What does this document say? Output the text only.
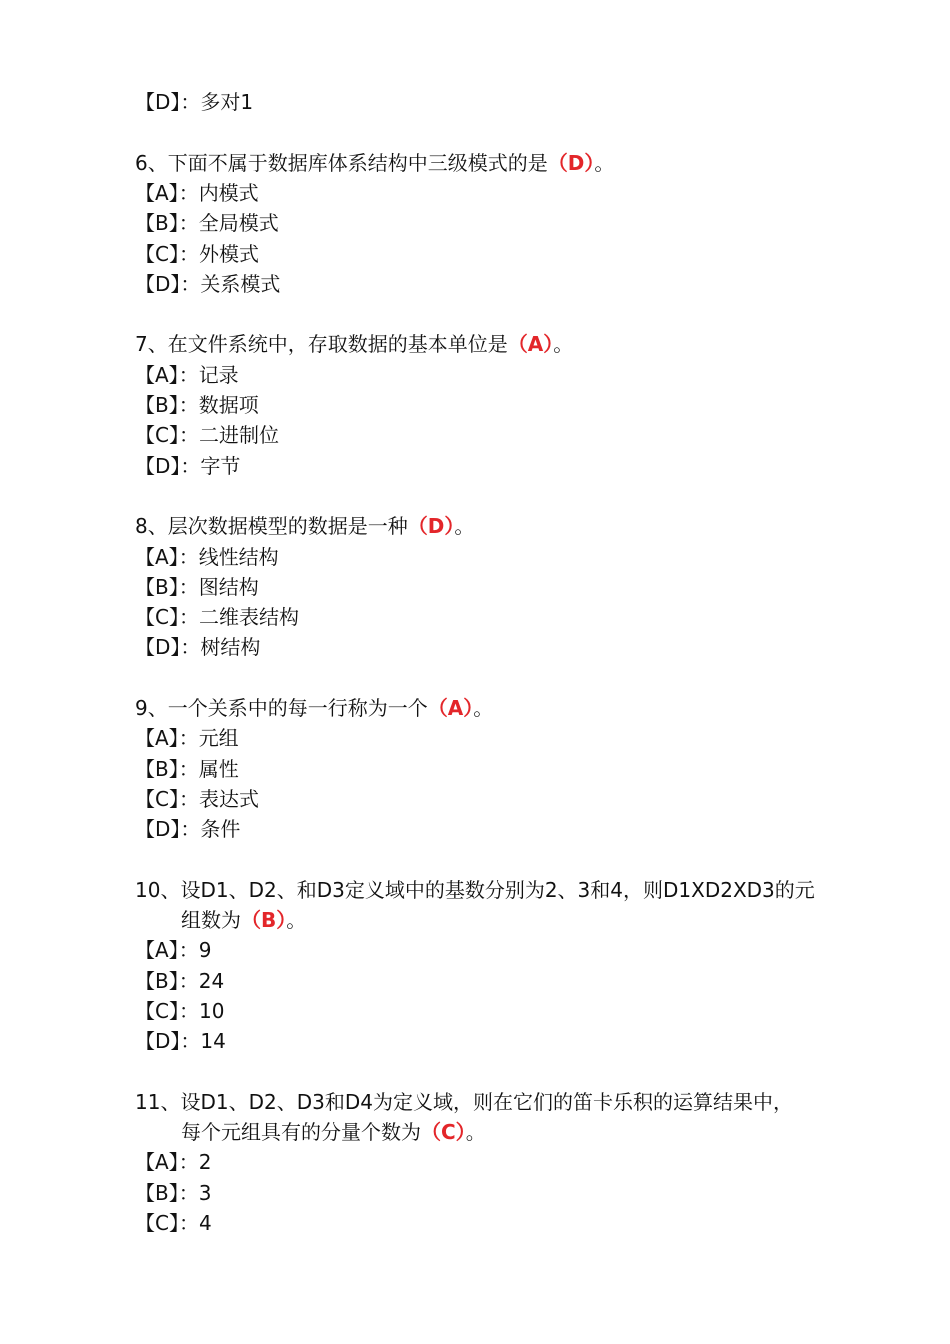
【D】：多对1
6、下面不属于数据库体系结构中三级模式的是（D）。
【A】：内模式
【B】：全局模式
【C】：外模式
【D】：关系模式
7、在文件系统中，存取数据的基本单位是（A）。
【A】：记录
【B】：数据项
【C】：二进制位
【D】：字节
8、层次数据模型的数据是一种（D）。
【A】：线性结构
【B】：图结构
【C】：二维表结构
【D】：树结构
9、一个关系中的每一行称为一个（A）。
【A】：元组
【B】：属性
【C】：表达式
【D】：条件
10、设D1、D2、和D3定义域中的基数分别为2、3和4，则D1XD2XD3的元
组数为（B）。
【A】：9
【B】：24
【C】：10
【D】：14
11、设D1、D2、D3和D4为定义域，则在它们的笛卡乐积的运算结果中，
每个元组具有的分量个数为（C）。
【A】：2
【B】：3
【C】：4
